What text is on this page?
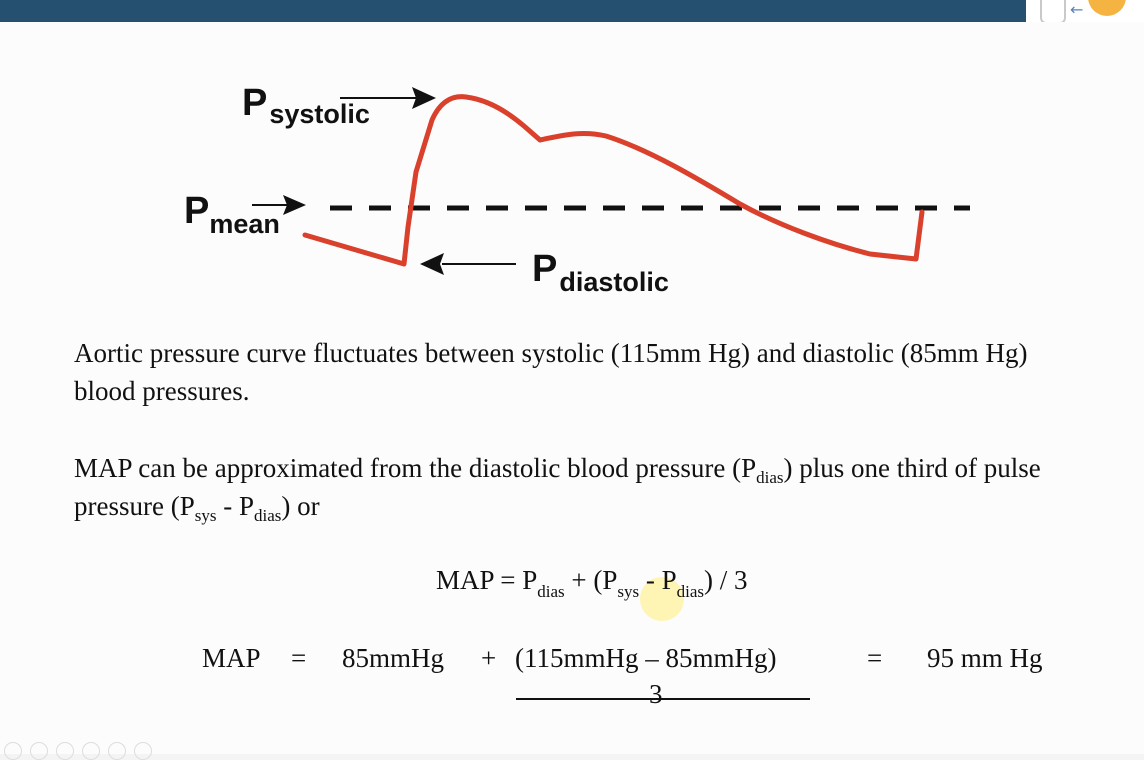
←
Psystolic
Pmean
Pdiastolic

Aortic pressure curve fluctuates between systolic (115mm Hg) and diastolic (85mm Hg) blood pressures.

MAP can be approximated from the diastolic blood pressure $(P_{dias})$ plus one third of pulse pressure $(P_{sys} - P_{dias})$ or

MAP = $P_{dias} + (P_{sys} - P_{dias}) / 3$
MAP = 85mmHg + (115mmHg – 85mmHg)
3
= 95 mm Hg
